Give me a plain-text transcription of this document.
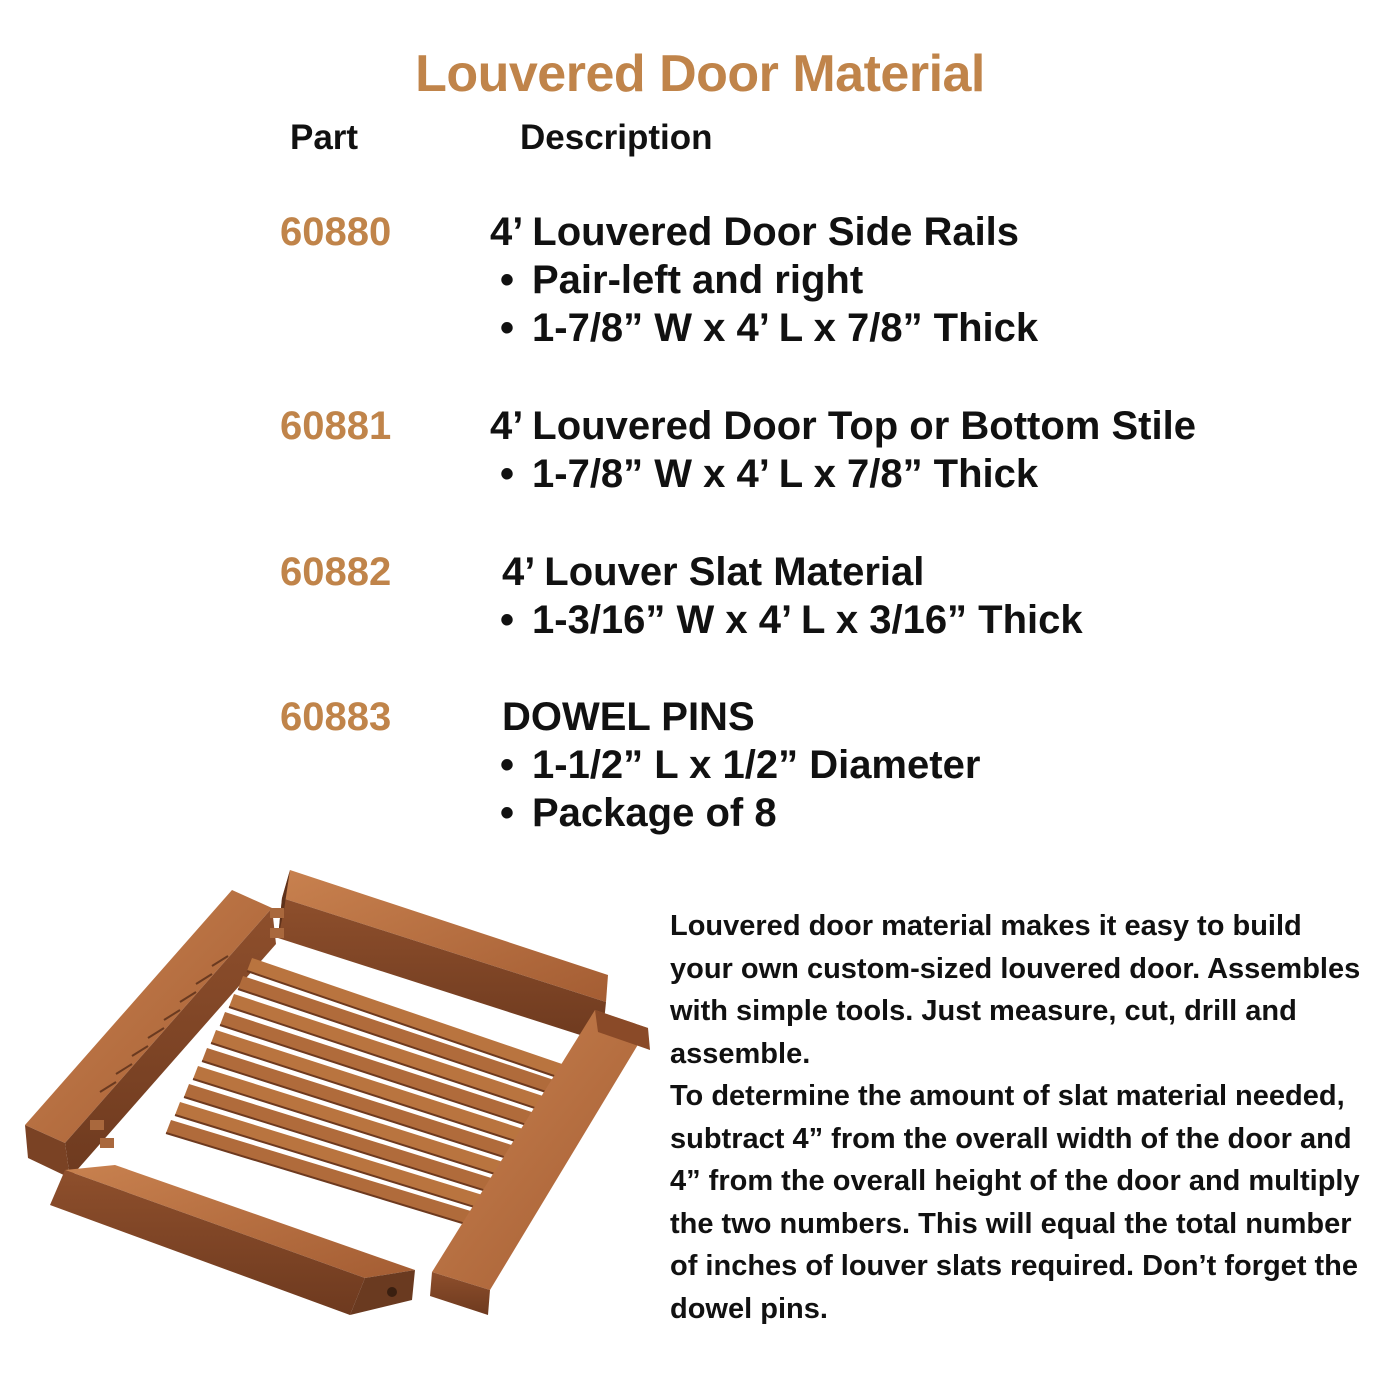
Louvered Door Material
Part	Description
60880 4’ Louvered Door Side Rails
• Pair-left and right
• 1-7/8” W x 4’ L x 7/8” Thick
60881 4’ Louvered Door Top or Bottom Stile
• 1-7/8” W x 4’ L x 7/8” Thick
60882	4’ Louver Slat Material
• 1-3/16” W x 4’ L x 3/16” Thick
60883	DOWEL PINS
• 1-1/2” L x 1/2” Diameter
• Package of 8

Louvered door material makes it easy to build your own custom-sized louvered door. Assembles with simple tools. Just measure, cut, drill and assemble.

To determine the amount of slat material needed, subtract 4” from the overall width of the door and 4” from the overall height of the door and multiply the two numbers. This will equal the total number of inches of louver slats required. Don’t forget the dowel pins.
